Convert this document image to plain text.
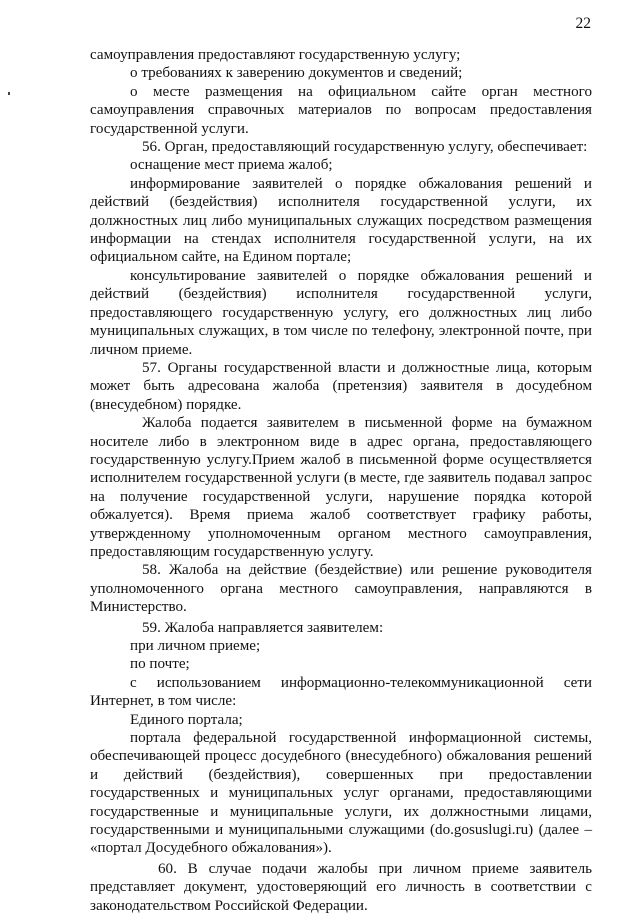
22

самоуправления предоставляют государственную услугу;

о требованиях к заверению документов и сведений;

о месте размещения на официальном сайте орган местного самоуправления справочных материалов по вопросам предоставления государственной услуги.

56. Орган, предоставляющий государственную услугу, обеспечивает:

оснащение мест приема жалоб;

информирование заявителей о порядке обжалования решений и действий (бездействия) исполнителя государственной услуги, их должностных лиц либо муниципальных служащих посредством размещения информации на стендах исполнителя государственной услуги, на их официальном сайте, на Едином портале;

консультирование заявителей о порядке обжалования решений и действий (бездействия) исполнителя государственной услуги, предоставляющего государственную услугу, его должностных лиц либо муниципальных служащих, в том числе по телефону, электронной почте, при личном приеме.

57. Органы государственной власти и должностные лица, которым может быть адресована жалоба (претензия) заявителя в досудебном (внесудебном) порядке.

Жалоба подается заявителем в письменной форме на бумажном носителе либо в электронном виде в адрес органа, предоставляющего государственную услугу.Прием жалоб в письменной форме осуществляется исполнителем государственной услуги (в месте, где заявитель подавал запрос на получение государственной услуги, нарушение порядка которой обжалуется). Время приема жалоб соответствует графику работы, утвержденному уполномоченным органом местного самоуправления, предоставляющим государственную услугу.

58. Жалоба на действие (бездействие) или решение руководителя уполномоченного органа местного самоуправления, направляются в Министерство.

59. Жалоба направляется заявителем:

при личном приеме;

по почте;

с использованием информационно-телекоммуникационной сети Интернет, в том числе:

Единого портала;

портала федеральной государственной информационной системы, обеспечивающей процесс досудебного (внесудебного) обжалования решений и действий (бездействия), совершенных при предоставлении государственных и муниципальных услуг органами, предоставляющими государственные и муниципальные услуги, их должностными лицами, государственными и муниципальными служащими (do.gosuslugi.ru) (далее – «портал Досудебного обжалования»).

60. В случае подачи жалобы при личном приеме заявитель представляет документ, удостоверяющий его личность в соответствии с законодательством Российской Федерации.
